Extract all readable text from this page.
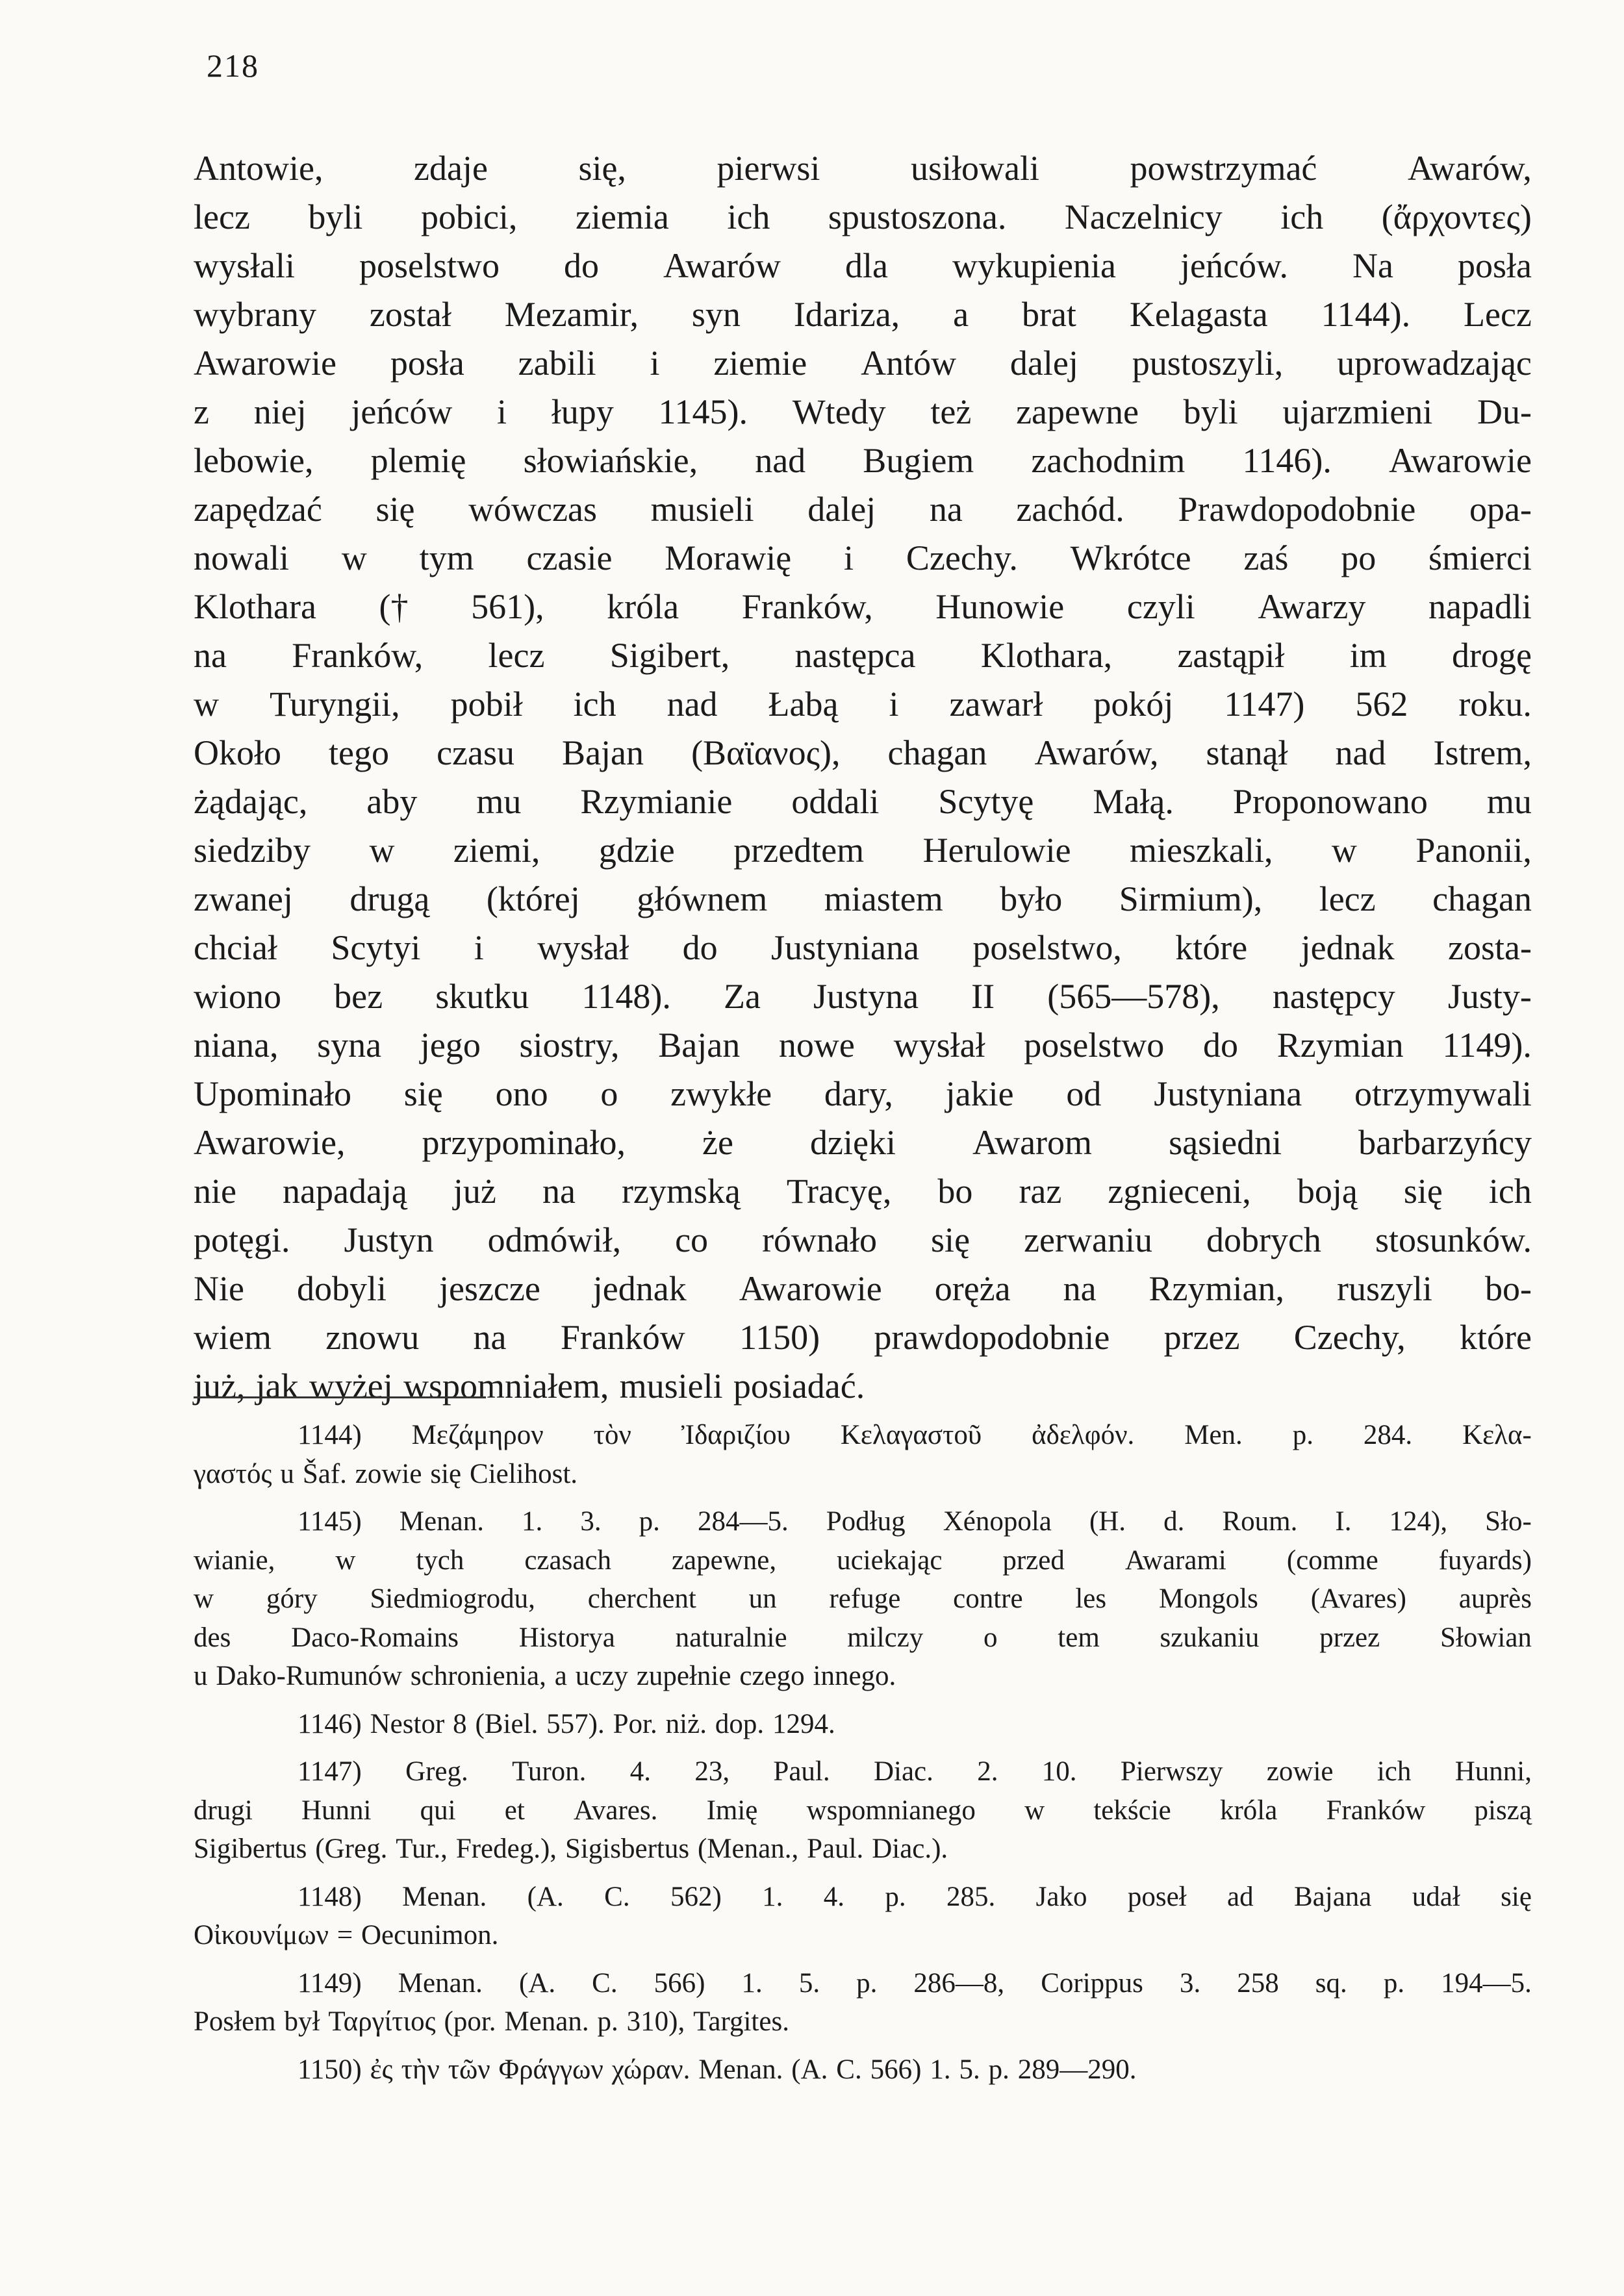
218
Antowie,	zdaje	się,	pierwsi	usiłowali	powstrzymać	Awarów,
lecz byli pobici, ziemia ich spustoszona. Naczelnicy ich (ἄρχοντες)
wysłali poselstwo do Awarów dla wykupienia jeńców. Na posła
wybrany został Mezamir, syn Idariza, a brat Kelagasta 1144). Lecz
Awarowie posła zabili i ziemie Antów dalej pustoszyli, uprowadzając
z niej jeńców i łupy 1145). Wtedy też zapewne byli ujarzmieni Du-
lebowie, plemię słowiańskie, nad Bugiem zachodnim 1146). Awarowie
zapędzać się wówczas musieli dalej na zachód. Prawdopodobnie opa-
nowali w tym czasie Morawię i Czechy. Wkrótce zaś po śmierci
Klothara († 561), króla Franków, Hunowie czyli Awarzy napadli
na Franków, lecz Sigibert, następca Klothara, zastąpił im drogę
w Turyngii, pobił ich nad Łabą i zawarł pokój 1147) 562 roku.
Około tego czasu Bajan (Βαϊανος), chagan Awarów, stanął nad Istrem,
żądając, aby mu Rzymianie oddali Scytyę Małą. Proponowano mu
siedziby w ziemi, gdzie przedtem Herulowie mieszkali, w Panonii,
zwanej drugą (której głównem miastem było Sirmium), lecz chagan
chciał Scytyi i wysłał do Justyniana poselstwo, które jednak zosta-
wiono bez skutku 1148). Za Justyna II (565—578), następcy Justy-
niana, syna jego siostry, Bajan nowe wysłał poselstwo do Rzymian 1149).
Upominało się ono o zwykłe dary, jakie od Justyniana otrzymywali
Awarowie, przypominało, że dzięki Awarom sąsiedni barbarzyńcy
nie napadają już na rzymską Tracyę, bo raz zgnieceni, boją się ich
potęgi. Justyn odmówił, co równało się zerwaniu dobrych stosunków.
Nie dobyli jeszcze jednak Awarowie oręża na Rzymian, ruszyli bo-
wiem znowu na Franków 1150) prawdopodobnie przez Czechy, które
już, jak wyżej wspomniałem, musieli posiadać.
1144) Μεζάμηρον τὸν Ἰδαριζίου Κελαγαστοῦ ἀδελφόν. Men. p. 284. Κελα-
γαστός u Šaf. zowie się Cielihost.
1145) Menan. 1. 3. p. 284—5. Podług Xénopola (H. d. Roum. I. 124), Sło-
wianie, w tych czasach zapewne, uciekając przed Awarami (comme fuyards)
w góry Siedmiogrodu, cherchent un refuge contre les Mongols (Avares) auprès
des Daco-Romains Historya naturalnie milczy o tem szukaniu przez Słowian
u Dako-Rumunów schronienia, a uczy zupełnie czego innego.
1146) Nestor 8 (Biel. 557). Por. niż. dop. 1294.
1147) Greg. Turon. 4. 23, Paul. Diac. 2. 10. Pierwszy zowie ich Hunni,
drugi Hunni qui et Avares. Imię wspomnianego w tekście króla Franków piszą
Sigibertus (Greg. Tur., Fredeg.), Sigisbertus (Menan., Paul. Diac.).
1148) Menan. (A. C. 562) 1. 4. p. 285. Jako poseł ad Bajana udał się
Οἰκουνίμων = Oecunimon.
1149) Menan. (A. C. 566) 1. 5. p. 286—8, Corippus 3. 258 sq. p. 194—5.
Posłem był Ταργίτιος (por. Menan. p. 310), Targites.
1150) ἐς τὴν τῶν Φράγγων χώραν. Menan. (A. C. 566) 1. 5. p. 289—290.
